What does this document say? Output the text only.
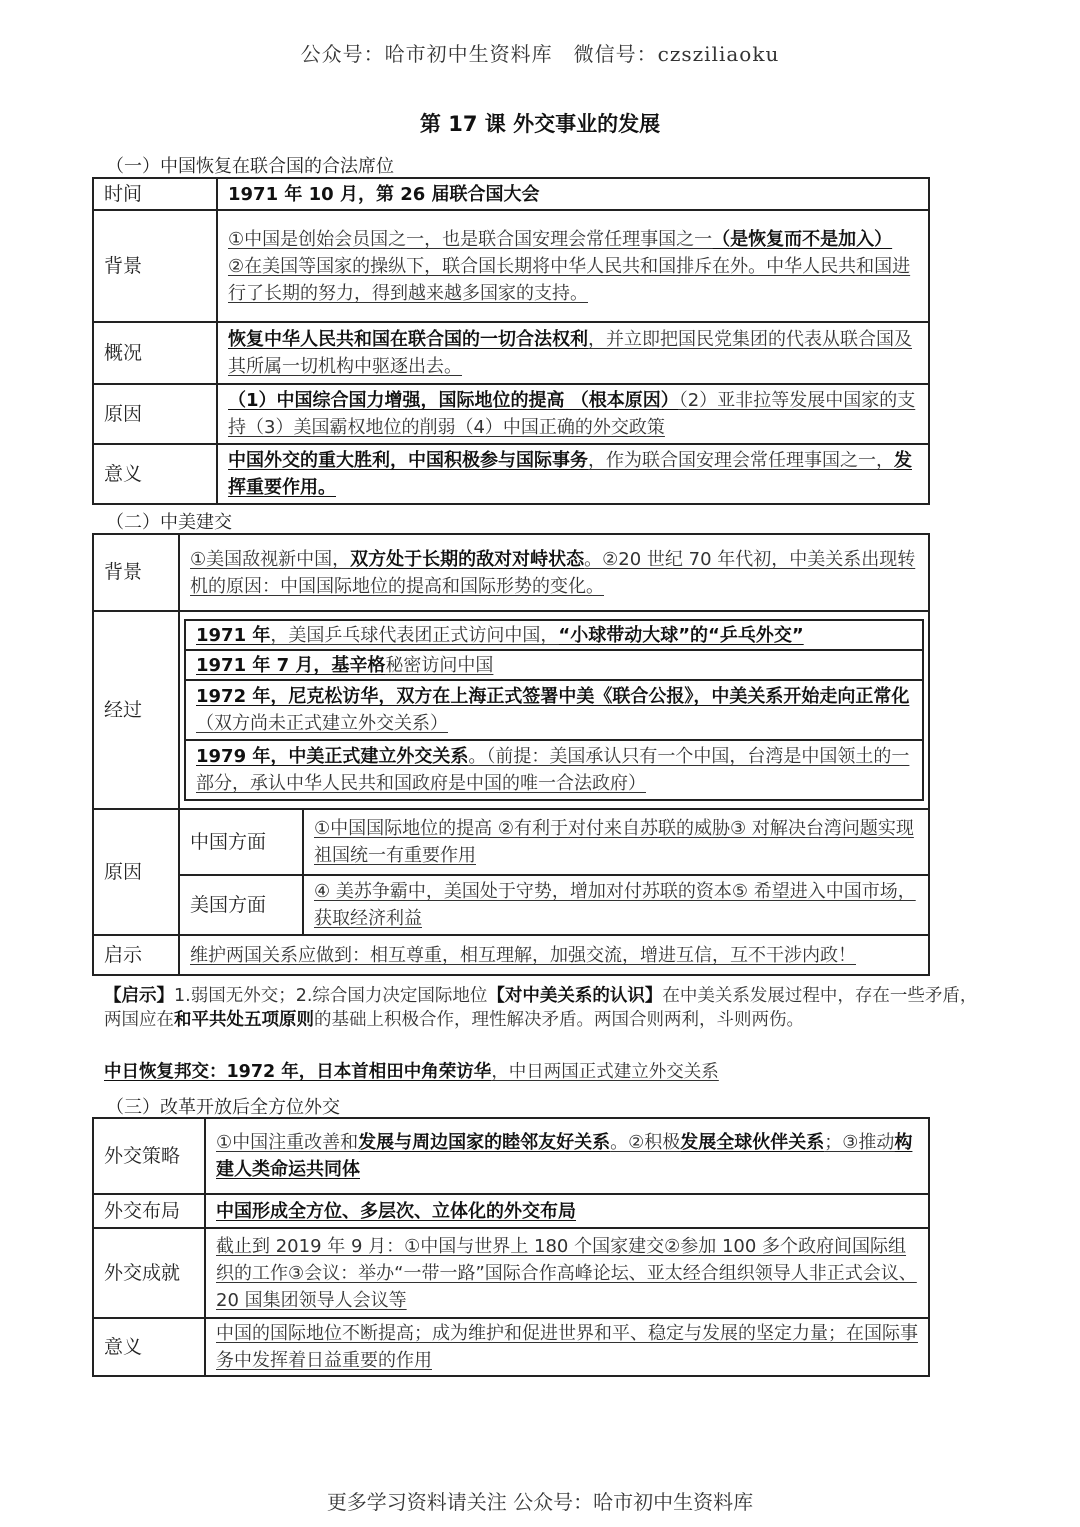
公众号：哈市初中生资料库　微信号：czsziliaoku
第 17 课 外交事业的发展
（一）中国恢复在联合国的合法席位
时间	1971 年 10 月，第 26 届联合国大会
背景	①中国是创始会员国之一，也是联合国安理会常任理事国之一（是恢复而不是加入）
②在美国等国家的操纵下，联合国长期将中华人民共和国排斥在外。中华人民共和国进行了长期的努力，得到越来越多国家的支持。
概况	恢复中华人民共和国在联合国的一切合法权利，并立即把国民党集团的代表从联合国及其所属一切机构中驱逐出去。
原因	（1）中国综合国力增强，国际地位的提高 （根本原因）（2）亚非拉等发展中国家的支持（3）美国霸权地位的削弱（4）中国正确的外交政策
意义	中国外交的重大胜利，中国积极参与国际事务，作为联合国安理会常任理事国之一，发挥重要作用。
（二）中美建交
背景	①美国敌视新中国，双方处于长期的敌对对峙状态。②20 世纪 70 年代初，中美关系出现转机的原因：中国国际地位的提高和国际形势的变化。
经过	
1971 年，美国乒乓球代表团正式访问中国，“小球带动大球”的“乒乓外交”
1971 年 7 月，基辛格秘密访问中国
1972 年，尼克松访华，双方在上海正式签署中美《联合公报》，中美关系开始走向正常化（双方尚未正式建立外交关系）
1979 年，中美正式建立外交关系。（前提：美国承认只有一个中国，台湾是中国领土的一部分，承认中华人民共和国政府是中国的唯一合法政府）

原因	中国方面	①中国国际地位的提高 ②有利于对付来自苏联的威胁③ 对解决台湾问题实现祖国统一有重要作用
美国方面	④ 美苏争霸中，美国处于守势，增加对付苏联的资本⑤ 希望进入中国市场，获取经济利益
启示	维护两国关系应做到：相互尊重，相互理解，加强交流，增进互信，互不干涉内政！
【启示】1.弱国无外交；2.综合国力决定国际地位【对中美关系的认识】在中美关系发展过程中，存在一些矛盾，两国应在和平共处五项原则的基础上积极合作，理性解决矛盾。两国合则两利，斗则两伤。
中日恢复邦交：1972 年，日本首相田中角荣访华，中日两国正式建立外交关系
（三）改革开放后全方位外交
外交策略	①中国注重改善和发展与周边国家的睦邻友好关系。②积极发展全球伙伴关系；③推动构建人类命运共同体
外交布局	中国形成全方位、多层次、立体化的外交布局
外交成就	截止到 2019 年 9 月：①中国与世界上 180 个国家建交②参加 100 多个政府间国际组织的工作③会议：举办“一带一路”国际合作高峰论坛、亚太经合组织领导人非正式会议、20 国集团领导人会议等
意义	中国的国际地位不断提高；成为维护和促进世界和平、稳定与发展的坚定力量；在国际事务中发挥着日益重要的作用
更多学习资料请关注 公众号：哈市初中生资料库
